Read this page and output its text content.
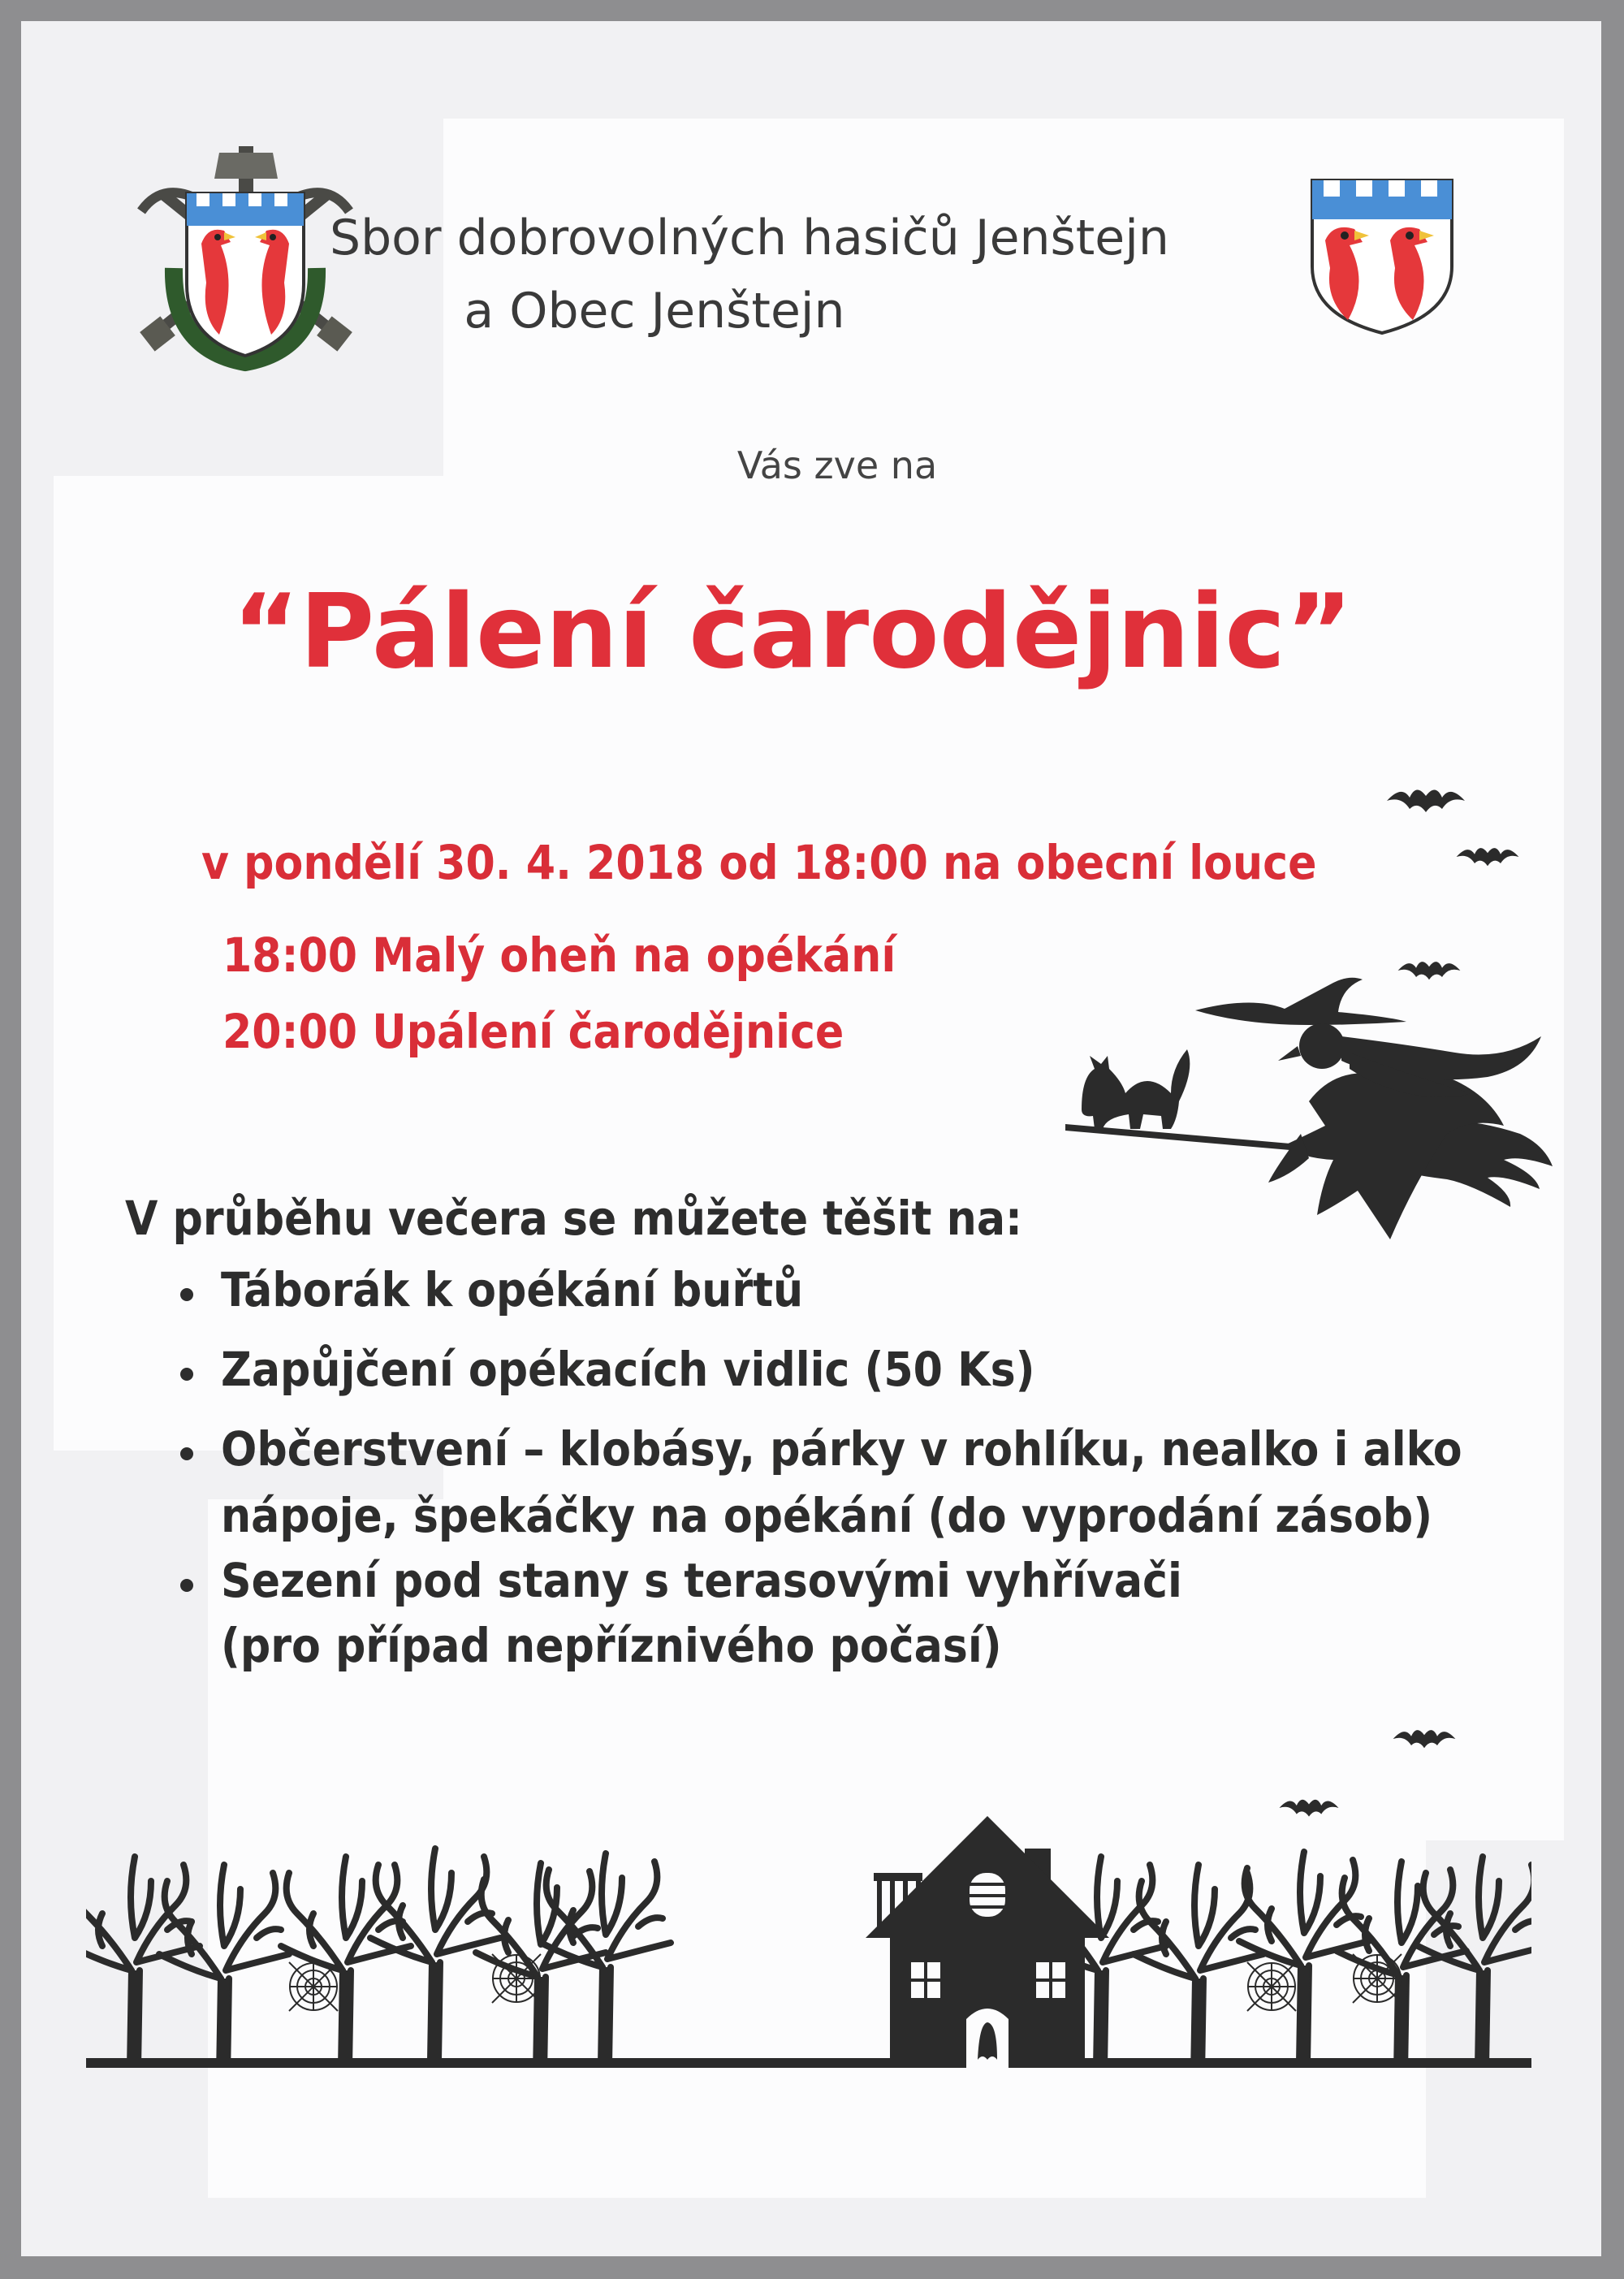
Sbor dobrovolných hasičů Jenštejn
a Obec Jenštejn
Vás zve na
“Pálení čarodějnic”
v pondělí 30. 4. 2018 od 18:00 na obecní louce
18:00 Malý oheň na opékání
20:00 Upálení čarodějnice
V průběhu večera se můžete těšit na:
Táborák k opékání buřtů
Zapůjčení opékacích vidlic (50 Ks)
Občerstvení – klobásy, párky v rohlíku, nealko i alko
nápoje, špekáčky na opékání (do vyprodání zásob)
Sezení pod stany s terasovými vyhřívači
(pro případ nepříznivého počasí)
